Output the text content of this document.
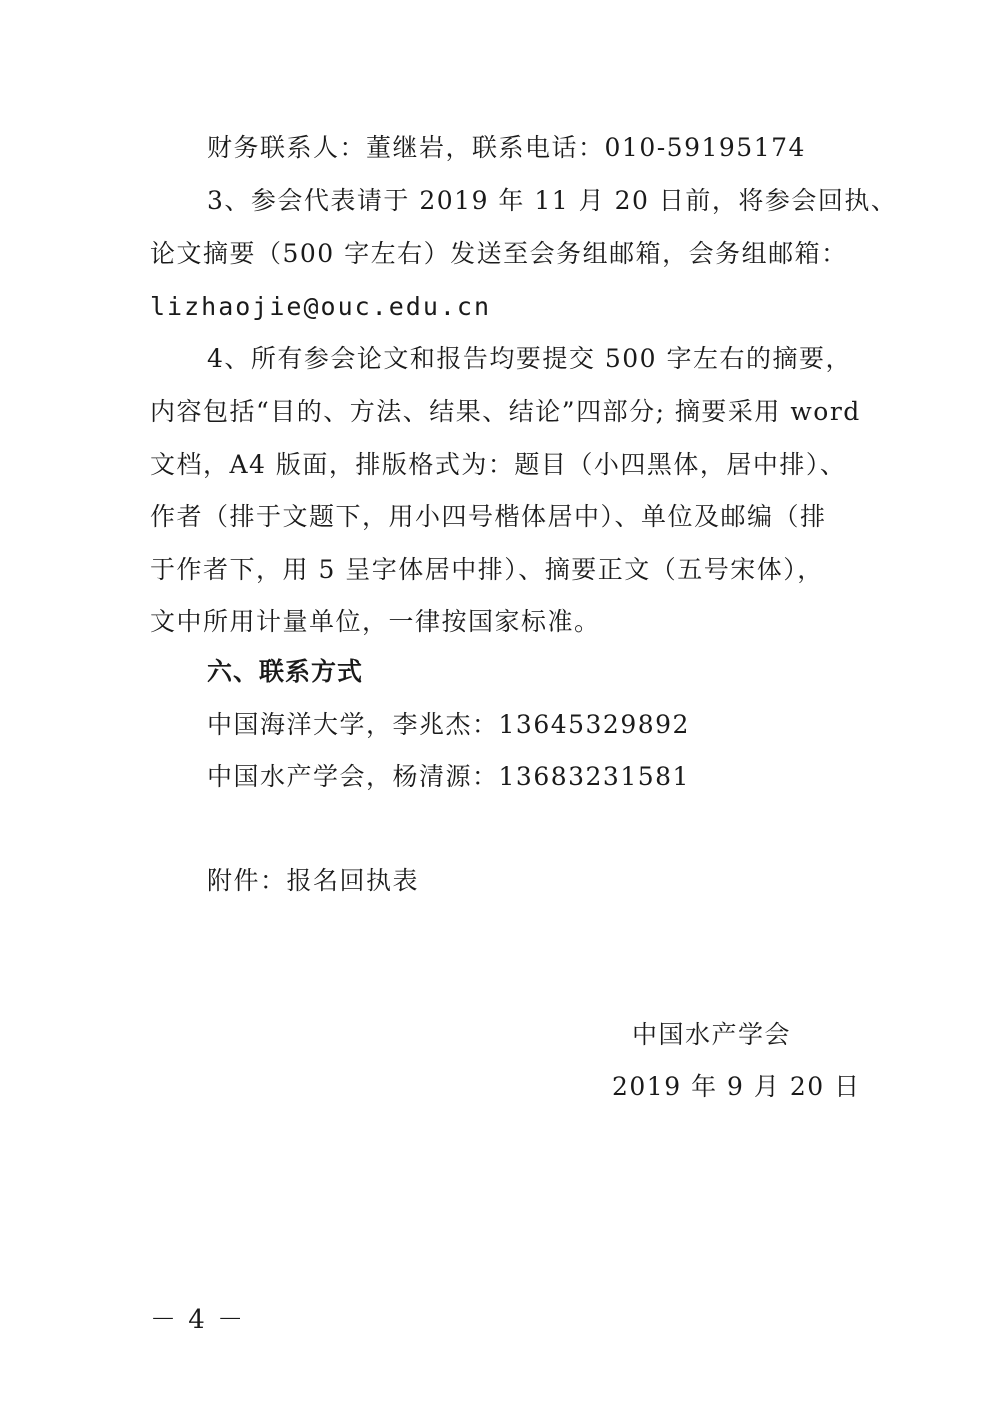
财务联系人：董继岩，联系电话：010-59195174
3、参会代表请于 2019 年 11 月 20 日前，将参会回执、
论文摘要（500 字左右）发送至会务组邮箱，会务组邮箱：
lizhaojie@ouc.edu.cn
4、所有参会论文和报告均要提交 500 字左右的摘要，
内容包括“目的、方法、结果、结论”四部分; 摘要采用 word
文档，A4 版面，排版格式为：题目（小四黑体，居中排）、
作者（排于文题下，用小四号楷体居中）、单位及邮编（排
于作者下，用 5 呈字体居中排）、摘要正文（五号宋体），
文中所用计量单位，一律按国家标准。
六、联系方式
中国海洋大学，李兆杰：13645329892
中国水产学会，杨清源：13683231581
附件：报名回执表
中国水产学会
2019 年 9 月 20 日
－ 4 －
